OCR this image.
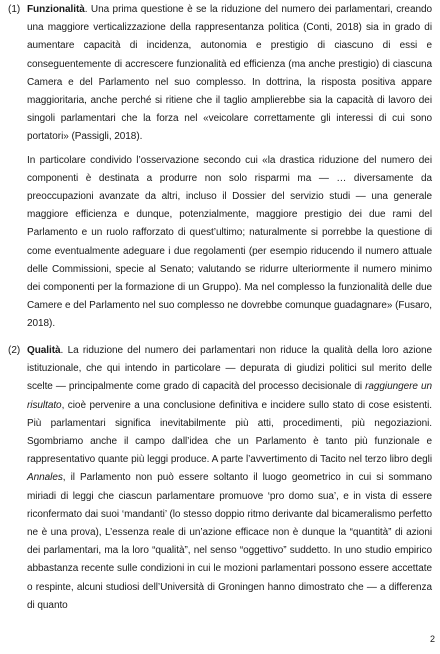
(1) Funzionalità. Una prima questione è se la riduzione del numero dei parlamentari, creando una maggiore verticalizzazione della rappresentanza politica (Conti, 2018) sia in grado di aumentare capacità di incidenza, autonomia e prestigio di ciascuno di essi e conseguentemente di accrescere funzionalità ed efficienza (ma anche prestigio) di ciascuna Camera e del Parlamento nel suo complesso. In dottrina, la risposta positiva appare maggioritaria, anche perché si ritiene che il taglio amplierebbe sia la capacità di lavoro dei singoli parlamentari che la forza nel «veicolare correttamente gli interessi di cui sono portatori» (Passigli, 2018).

In particolare condivido l’osservazione secondo cui «la drastica riduzione del numero dei componenti è destinata a produrre non solo risparmi ma — … diversamente da preoccupazioni avanzate da altri, incluso il Dossier del servizio studi — una generale maggiore efficienza e dunque, potenzialmente, maggiore prestigio dei due rami del Parlamento e un ruolo rafforzato di quest’ultimo; naturalmente si porrebbe la questione di come eventualmente adeguare i due regolamenti (per esempio riducendo il numero attuale delle Commissioni, specie al Senato; valutando se ridurre ulteriormente il numero minimo dei componenti per la formazione di un Gruppo). Ma nel complesso la funzionalità delle due Camere e del Parlamento nel suo complesso ne dovrebbe comunque guadagnare» (Fusaro, 2018).

(2) Qualità. La riduzione del numero dei parlamentari non riduce la qualità della loro azione istituzionale, che qui intendo in particolare — depurata di giudizi politici sul merito delle scelte — principalmente come grado di capacità del processo decisionale di raggiungere un risultato, cioè pervenire a una conclusione definitiva e incidere sullo stato di cose esistenti. Più parlamentari significa inevitabilmente più atti, procedimenti, più negoziazioni. Sgombriamo anche il campo dall’idea che un Parlamento è tanto più funzionale e rappresentativo quante più leggi produce. A parte l’avvertimento di Tacito nel terzo libro degli Annales, il Parlamento non può essere soltanto il luogo geometrico in cui si sommano miriadi di leggi che ciascun parlamentare promuove ‘pro domo sua’, e in vista di essere riconfermato dai suoi ‘mandanti’ (lo stesso doppio ritmo derivante dal bicameralismo perfetto ne è una prova), L’essenza reale di un’azione efficace non è dunque la “quantità” di azioni dei parlamentari, ma la loro “qualità”, nel senso “oggettivo” suddetto. In uno studio empirico abbastanza recente sulle condizioni in cui le mozioni parlamentari possono essere accettate o respinte, alcuni studiosi dell’Università di Groningen hanno dimostrato che — a differenza di quanto

2
